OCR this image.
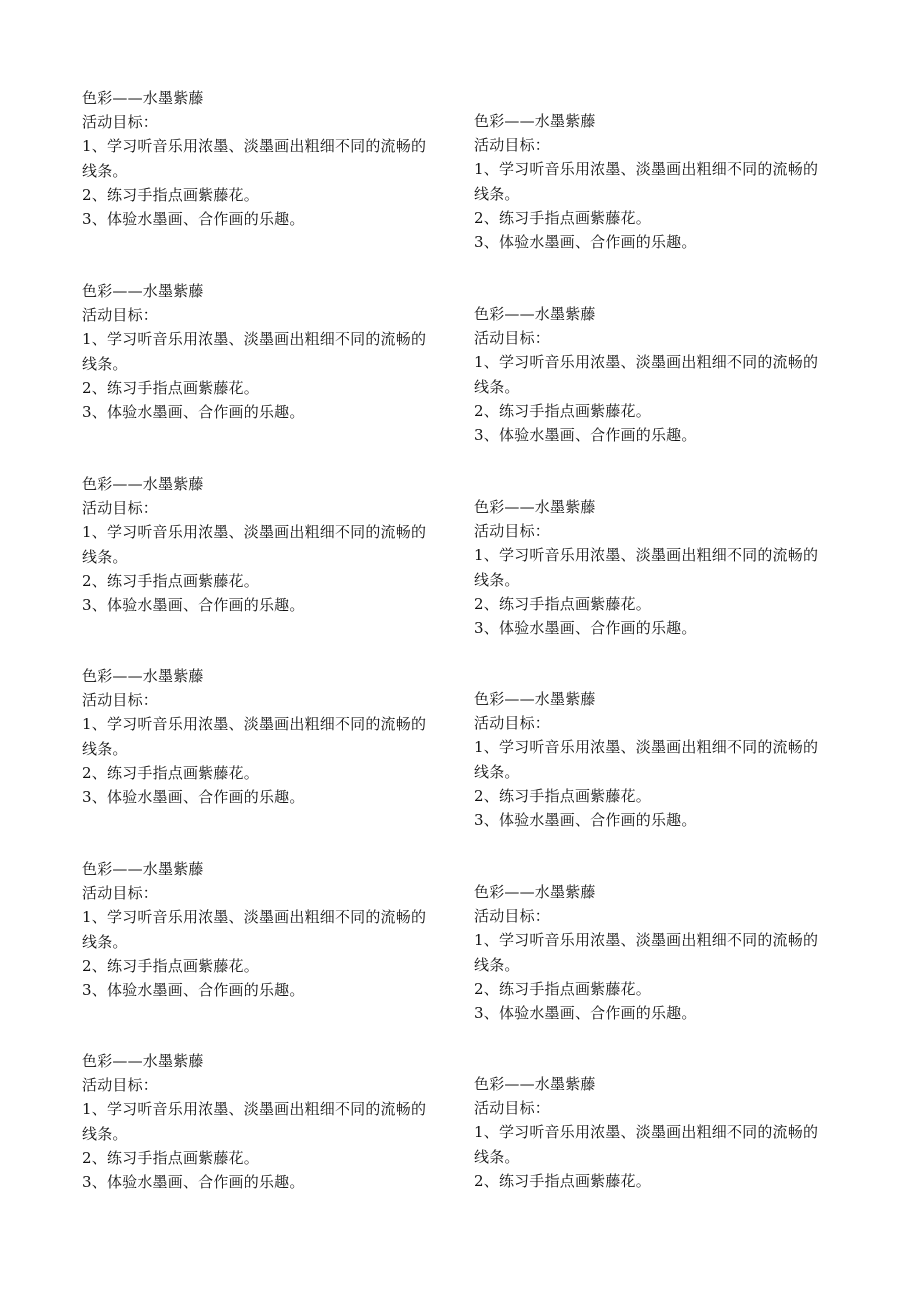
色彩——水墨紫藤
活动目标：
1、学习听音乐用浓墨、淡墨画出粗细不同的流畅的
线条。
2、练习手指点画紫藤花。
3、体验水墨画、合作画的乐趣。
色彩——水墨紫藤
活动目标：
1、学习听音乐用浓墨、淡墨画出粗细不同的流畅的
线条。
2、练习手指点画紫藤花。
3、体验水墨画、合作画的乐趣。
色彩——水墨紫藤
活动目标：
1、学习听音乐用浓墨、淡墨画出粗细不同的流畅的
线条。
2、练习手指点画紫藤花。
3、体验水墨画、合作画的乐趣。
色彩——水墨紫藤
活动目标：
1、学习听音乐用浓墨、淡墨画出粗细不同的流畅的
线条。
2、练习手指点画紫藤花。
3、体验水墨画、合作画的乐趣。
色彩——水墨紫藤
活动目标：
1、学习听音乐用浓墨、淡墨画出粗细不同的流畅的
线条。
2、练习手指点画紫藤花。
3、体验水墨画、合作画的乐趣。
色彩——水墨紫藤
活动目标：
1、学习听音乐用浓墨、淡墨画出粗细不同的流畅的
线条。
2、练习手指点画紫藤花。
3、体验水墨画、合作画的乐趣。
色彩——水墨紫藤
活动目标：
1、学习听音乐用浓墨、淡墨画出粗细不同的流畅的
线条。
2、练习手指点画紫藤花。
3、体验水墨画、合作画的乐趣。
色彩——水墨紫藤
活动目标：
1、学习听音乐用浓墨、淡墨画出粗细不同的流畅的
线条。
2、练习手指点画紫藤花。
3、体验水墨画、合作画的乐趣。
色彩——水墨紫藤
活动目标：
1、学习听音乐用浓墨、淡墨画出粗细不同的流畅的
线条。
2、练习手指点画紫藤花。
3、体验水墨画、合作画的乐趣。
色彩——水墨紫藤
活动目标：
1、学习听音乐用浓墨、淡墨画出粗细不同的流畅的
线条。
2、练习手指点画紫藤花。
3、体验水墨画、合作画的乐趣。
色彩——水墨紫藤
活动目标：
1、学习听音乐用浓墨、淡墨画出粗细不同的流畅的
线条。
2、练习手指点画紫藤花。
3、体验水墨画、合作画的乐趣。
色彩——水墨紫藤
活动目标：
1、学习听音乐用浓墨、淡墨画出粗细不同的流畅的
线条。
2、练习手指点画紫藤花。
